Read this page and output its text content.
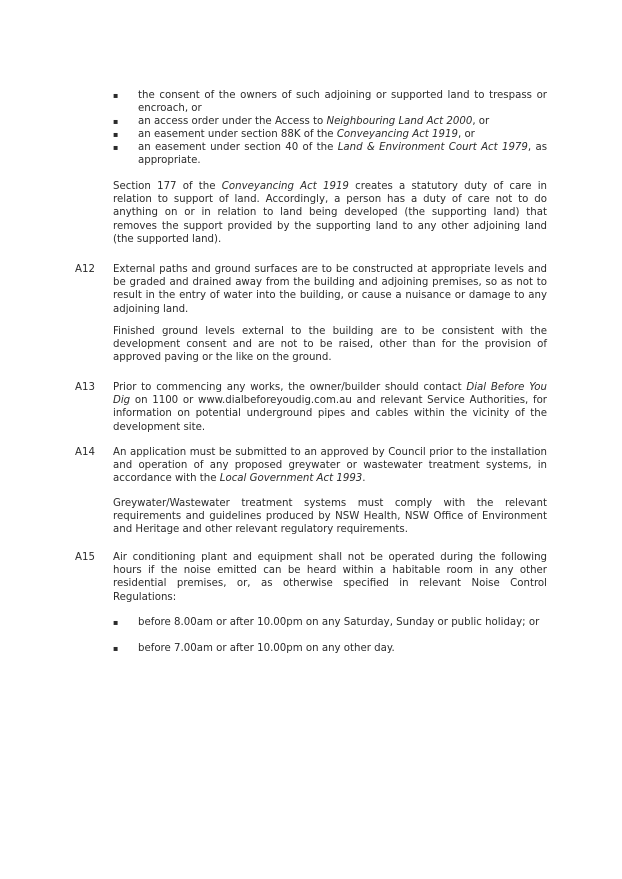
▪ the consent of the owners of such adjoining or supported land to trespass or encroach, or
▪ an access order under the Access to Neighbouring Land Act 2000, or
▪ an easement under section 88K of the Conveyancing Act 1919, or
▪ an easement under section 40 of the Land & Environment Court Act 1979, as appropriate.
Section 177 of the Conveyancing Act 1919 creates a statutory duty of care in relation to support of land. Accordingly, a person has a duty of care not to do anything on or in relation to land being developed (the supporting land) that removes the support provided by the supporting land to any other adjoining land (the supported land).
A12	External paths and ground surfaces are to be constructed at appropriate levels and be graded and drained away from the building and adjoining premises, so as not to result in the entry of water into the building, or cause a nuisance or damage to any adjoining land.
Finished ground levels external to the building are to be consistent with the development consent and are not to be raised, other than for the provision of approved paving or the like on the ground.
A13	Prior to commencing any works, the owner/builder should contact Dial Before You Dig on 1100 or www.dialbeforeyoudig.com.au and relevant Service Authorities, for information on potential underground pipes and cables within the vicinity of the development site.
A14	An application must be submitted to an approved by Council prior to the installation and operation of any proposed greywater or wastewater treatment systems, in accordance with the Local Government Act 1993.
Greywater/Wastewater treatment systems must comply with the relevant requirements and guidelines produced by NSW Health, NSW Office of Environment and Heritage and other relevant regulatory requirements.
A15	Air conditioning plant and equipment shall not be operated during the following hours if the noise emitted can be heard within a habitable room in any other residential premises, or, as otherwise specified in relevant Noise Control Regulations:
▪ before 8.00am or after 10.00pm on any Saturday, Sunday or public holiday; or
▪ before 7.00am or after 10.00pm on any other day.
